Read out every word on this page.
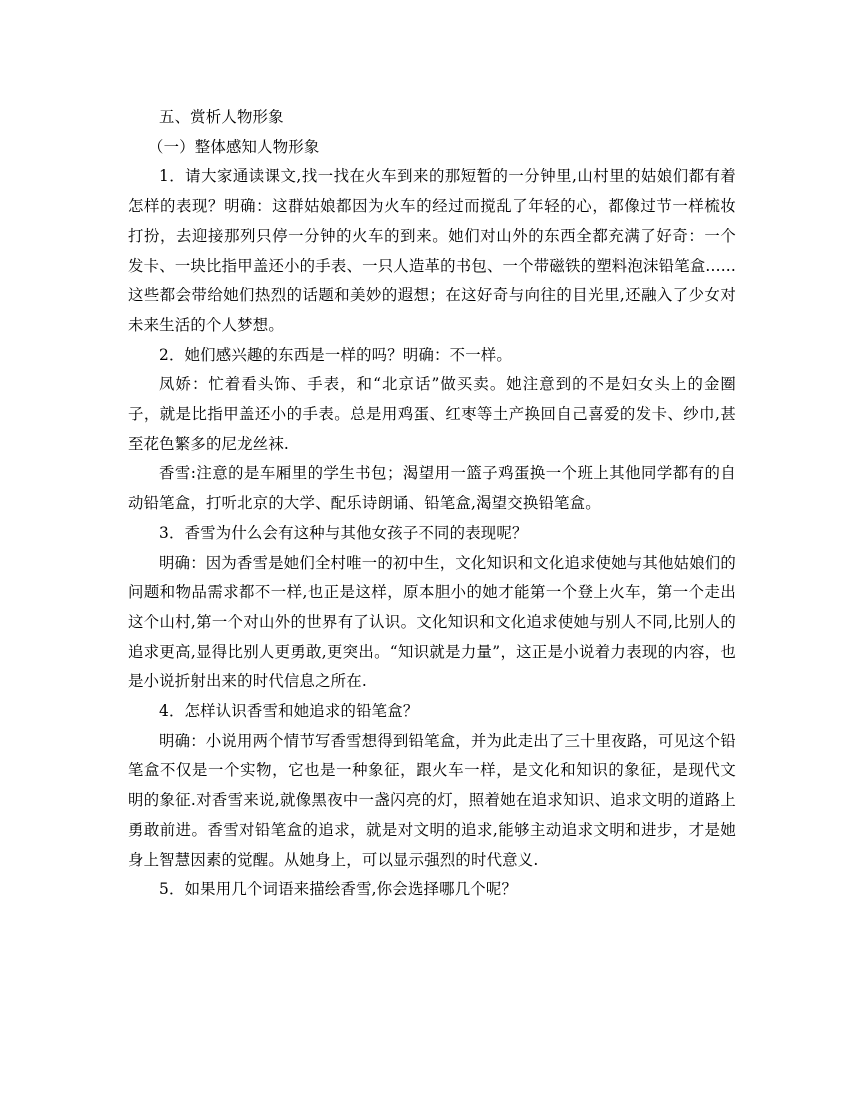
五、赏析人物形象

（一）整体感知人物形象

1．请大家通读课文,找一找在火车到来的那短暂的一分钟里,山村里的姑娘们都有着怎样的表现？明确：这群姑娘都因为火车的经过而搅乱了年轻的心，都像过节一样梳妆打扮，去迎接那列只停一分钟的火车的到来。她们对山外的东西全都充满了好奇：一个发卡、一块比指甲盖还小的手表、一只人造革的书包、一个带磁铁的塑料泡沫铅笔盒......这些都会带给她们热烈的话题和美妙的遐想；在这好奇与向往的目光里,还融入了少女对未来生活的个人梦想。

2．她们感兴趣的东西是一样的吗？明确：不一样。

凤娇：忙着看头饰、手表，和“北京话”做买卖。她注意到的不是妇女头上的金圈子，就是比指甲盖还小的手表。总是用鸡蛋、红枣等土产换回自己喜爱的发卡、纱巾,甚至花色繁多的尼龙丝袜.

香雪:注意的是车厢里的学生书包；渴望用一篮子鸡蛋换一个班上其他同学都有的自动铅笔盒，打听北京的大学、配乐诗朗诵、铅笔盒,渴望交换铅笔盒。

3．香雪为什么会有这种与其他女孩子不同的表现呢？

明确：因为香雪是她们全村唯一的初中生，文化知识和文化追求使她与其他姑娘们的问题和物品需求都不一样,也正是这样，原本胆小的她才能第一个登上火车，第一个走出这个山村,第一个对山外的世界有了认识。文化知识和文化追求使她与别人不同,比别人的追求更高,显得比别人更勇敢,更突出。“知识就是力量”，这正是小说着力表现的内容，也是小说折射出来的时代信息之所在.

4．怎样认识香雪和她追求的铅笔盒？

明确：小说用两个情节写香雪想得到铅笔盒，并为此走出了三十里夜路，可见这个铅笔盒不仅是一个实物，它也是一种象征，跟火车一样，是文化和知识的象征，是现代文明的象征.对香雪来说,就像黑夜中一盏闪亮的灯，照着她在追求知识、追求文明的道路上勇敢前进。香雪对铅笔盒的追求，就是对文明的追求,能够主动追求文明和进步，才是她身上智慧因素的觉醒。从她身上，可以显示强烈的时代意义.

5．如果用几个词语来描绘香雪,你会选择哪几个呢？
